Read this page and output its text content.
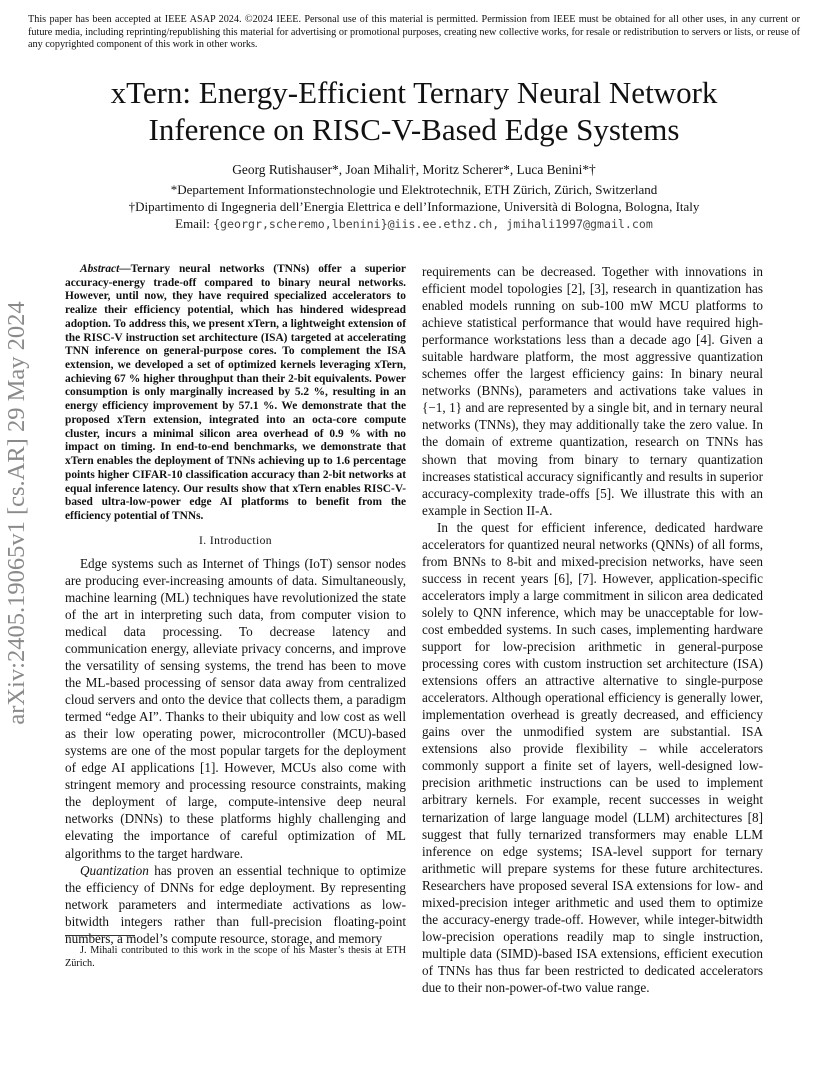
This paper has been accepted at IEEE ASAP 2024. ©2024 IEEE. Personal use of this material is permitted. Permission from IEEE must be obtained for all other uses, in any current or future media, including reprinting/republishing this material for advertising or promotional purposes, creating new collective works, for resale or redistribution to servers or lists, or reuse of any copyrighted component of this work in other works.

xTern: Energy-Efficient Ternary Neural Network
Inference on RISC-V-Based Edge Systems

Georg Rutishauser*, Joan Mihali†, Moritz Scherer*, Luca Benini*†

*Departement Informationstechnologie und Elektrotechnik, ETH Zürich, Zürich, Switzerland

†Dipartimento di Ingegneria dell’Energia Elettrica e dell’Informazione, Università di Bologna, Bologna, Italy

Email: {georgr,scheremo,lbenini}@iis.ee.ethz.ch, jmihali1997@gmail.com

arXiv:2405.19065v1 [cs.AR] 29 May 2024

Abstract—Ternary neural networks (TNNs) offer a superior accuracy-energy trade-off compared to binary neural networks. However, until now, they have required specialized accelerators to realize their efficiency potential, which has hindered widespread adoption. To address this, we present xTern, a lightweight extension of the RISC-V instruction set architecture (ISA) targeted at accelerating TNN inference on general-purpose cores. To complement the ISA extension, we developed a set of optimized kernels leveraging xTern, achieving 67 % higher throughput than their 2-bit equivalents. Power consumption is only marginally increased by 5.2 %, resulting in an energy efficiency improvement by 57.1 %. We demonstrate that the proposed xTern extension, integrated into an octa-core compute cluster, incurs a minimal silicon area overhead of 0.9 % with no impact on timing. In end-to-end benchmarks, we demonstrate that xTern enables the deployment of TNNs achieving up to 1.6 percentage points higher CIFAR-10 classification accuracy than 2-bit networks at equal inference latency. Our results show that xTern enables RISC-V-based ultra-low-power edge AI platforms to benefit from the efficiency potential of TNNs.

I. Introduction

Edge systems such as Internet of Things (IoT) sensor nodes are producing ever-increasing amounts of data. Simultaneously, machine learning (ML) techniques have revolutionized the state of the art in interpreting such data, from computer vision to medical data processing. To decrease latency and communication energy, alleviate privacy concerns, and improve the versatility of sensing systems, the trend has been to move the ML-based processing of sensor data away from centralized cloud servers and onto the device that collects them, a paradigm termed “edge AI”. Thanks to their ubiquity and low cost as well as their low operating power, microcontroller (MCU)-based systems are one of the most popular targets for the deployment of edge AI applications [1]. However, MCUs also come with stringent memory and processing resource constraints, making the deployment of large, compute-intensive deep neural networks (DNNs) to these platforms highly challenging and elevating the importance of careful optimization of ML algorithms to the target hardware.

Quantization has proven an essential technique to optimize the efficiency of DNNs for edge deployment. By representing network parameters and intermediate activations as low-bitwidth integers rather than full-precision floating-point numbers, a model’s compute resource, storage, and memory

requirements can be decreased. Together with innovations in efficient model topologies [2], [3], research in quantization has enabled models running on sub-100 mW MCU platforms to achieve statistical performance that would have required high-performance workstations less than a decade ago [4]. Given a suitable hardware platform, the most aggressive quantization schemes offer the largest efficiency gains: In binary neural networks (BNNs), parameters and activations take values in {−1, 1} and are represented by a single bit, and in ternary neural networks (TNNs), they may additionally take the zero value. In the domain of extreme quantization, research on TNNs has shown that moving from binary to ternary quantization increases statistical accuracy significantly and results in superior accuracy-complexity trade-offs [5]. We illustrate this with an example in Section II-A.

In the quest for efficient inference, dedicated hardware accelerators for quantized neural networks (QNNs) of all forms, from BNNs to 8-bit and mixed-precision networks, have seen success in recent years [6], [7]. However, application-specific accelerators imply a large commitment in silicon area dedicated solely to QNN inference, which may be unacceptable for low-cost embedded systems. In such cases, implementing hardware support for low-precision arithmetic in general-purpose processing cores with custom instruction set architecture (ISA) extensions offers an attractive alternative to single-purpose accelerators. Although operational efficiency is generally lower, implementation overhead is greatly decreased, and efficiency gains over the unmodified system are substantial. ISA extensions also provide flexibility – while accelerators commonly support a finite set of layers, well-designed low-precision arithmetic instructions can be used to implement arbitrary kernels. For example, recent successes in weight ternarization of large language model (LLM) architectures [8] suggest that fully ternarized transformers may enable LLM inference on edge systems; ISA-level support for ternary arithmetic will prepare systems for these future architectures. Researchers have proposed several ISA extensions for low- and mixed-precision integer arithmetic and used them to optimize the accuracy-energy trade-off. However, while integer-bitwidth low-precision operations readily map to single instruction, multiple data (SIMD)-based ISA extensions, efficient execution of TNNs has thus far been restricted to dedicated accelerators due to their non-power-of-two value range.

J. Mihali contributed to this work in the scope of his Master’s thesis at ETH Zürich.
